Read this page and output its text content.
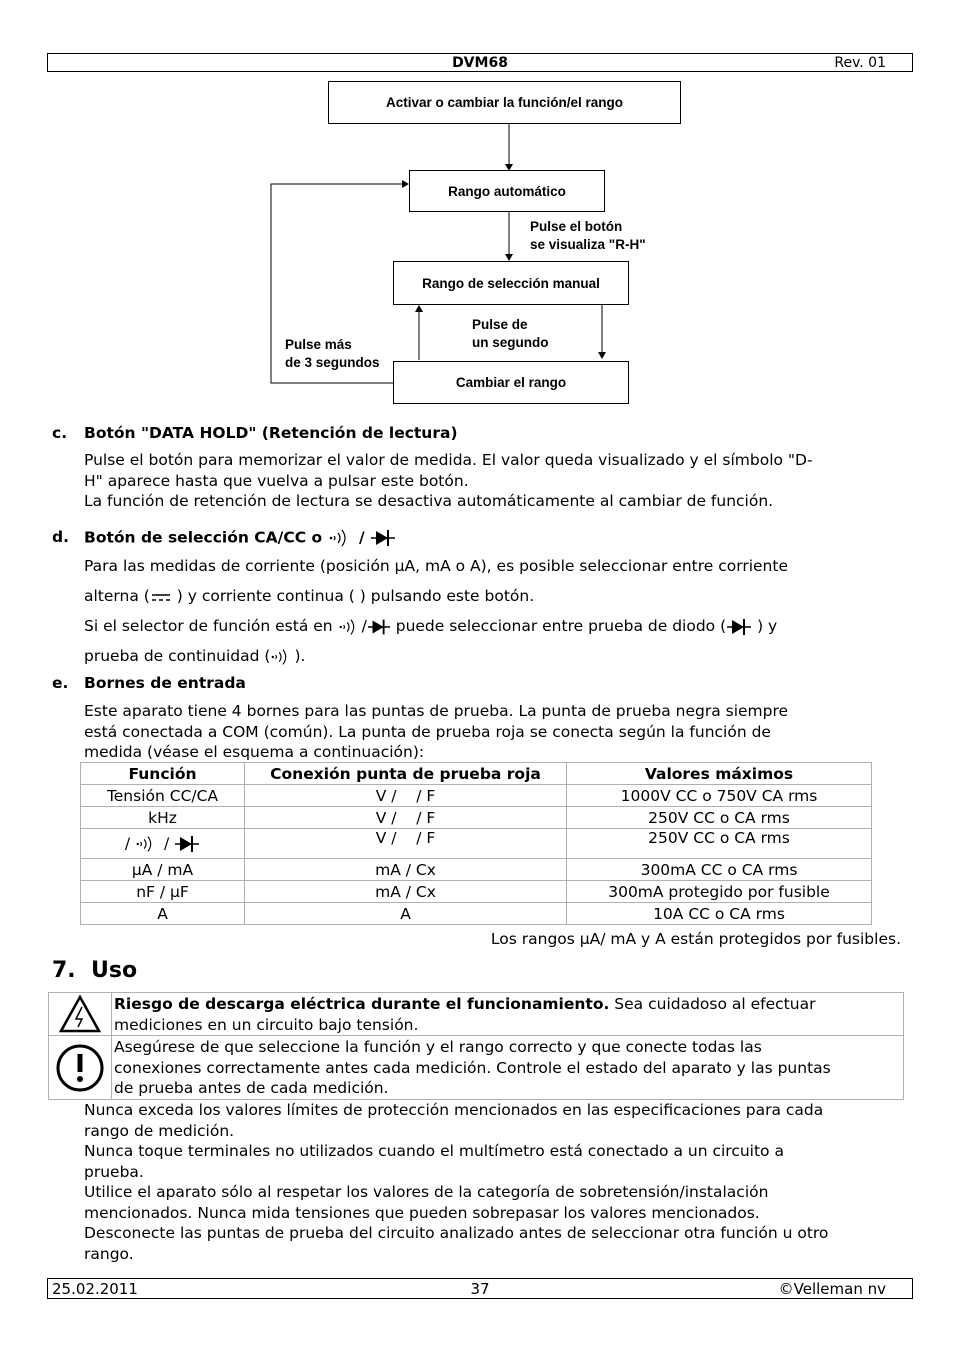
DVM68	Rev. 01
Activar o cambiar la función/el rango
Rango automático
Rango de selección manual
Cambiar el rango
Pulse el botón
se visualiza "R-H"
Pulse más
de 3 segundos
Pulse de
un segundo
c. Botón "DATA HOLD" (Retención de lectura)
Pulse el botón para memorizar el valor de medida. El valor queda visualizado y el símbolo "D-
H" aparece hasta que vuelva a pulsar este botón.
La función de retención de lectura se desactiva automáticamente al cambiar de función.
d. Botón de selección CA/CC o /
Para las medidas de corriente (posición µA, mA o A), es posible seleccionar entre corriente
alterna ( ) y corriente continua ( ) pulsando este botón.
Si el selector de función está en / puede seleccionar entre prueba de diodo ( ) y
prueba de continuidad ( ).
e. Bornes de entrada
Este aparato tiene 4 bornes para las puntas de prueba. La punta de prueba negra siempre
está conectada a COM (común). La punta de prueba roja se conecta según la función de
medida (véase el esquema a continuación):
Función	Conexión punta de prueba roja	Valores máximos
Tensión CC/CA	V /    / F	1000V CC o 750V CA rms
kHz	V /    / F	250V CC o CA rms
/  /	V /    / F	250V CC o CA rms
µA / mA	mA / Cx	300mA CC o CA rms
nF / µF	mA / Cx	300mA protegido por fusible
A	A	10A CC o CA rms
Los rangos µA/ mA y A están protegidos por fusibles.
7.  Uso
Riesgo de descarga eléctrica durante el funcionamiento. Sea cuidadoso al efectuar
mediciones en un circuito bajo tensión.
Asegúrese de que seleccione la función y el rango correcto y que conecte todas las
conexiones correctamente antes cada medición. Controle el estado del aparato y las puntas
de prueba antes de cada medición.
Nunca exceda los valores límites de protección mencionados en las especificaciones para cada
rango de medición.
Nunca toque terminales no utilizados cuando el multímetro está conectado a un circuito a
prueba.
Utilice el aparato sólo al respetar los valores de la categoría de sobretensión/instalación
mencionados. Nunca mida tensiones que pueden sobrepasar los valores mencionados.
Desconecte las puntas de prueba del circuito analizado antes de seleccionar otra función u otro
rango.
25.02.2011	37	©Velleman nv
